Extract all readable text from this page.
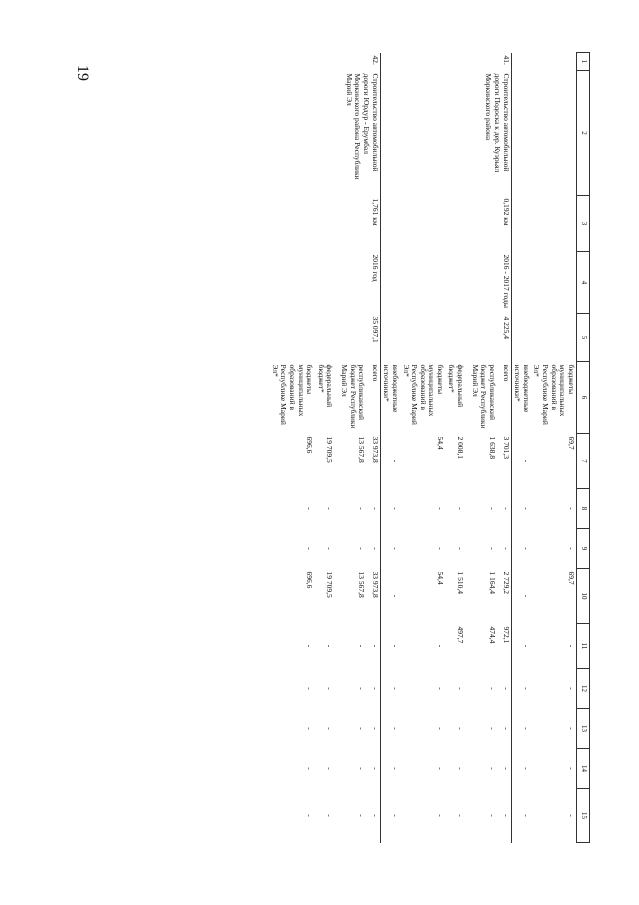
19
1	2	3	4	5	6	7	8	9	10	11	12	13	14	15
					бюджеты муниципальных образований в Республике Марий Эл*	69,7	-	-	69,7	-	-	-	-	-
					внебюджетные источники*	-	-	-	-	-	-	-	-	-
41.	Строительство автомобильной дороги Подоска к дер. Куэрьял Моркинского района	0,192 км	2016 - 2017 годы	4 225,4	всего	3 701,3	-	-	2 729,2	972,1	-	-	-	-
					республиканский бюджет Республики Марий Эл	1 638,8	-	-	1 164,4	474,4	-	-	-	-
					федеральный бюджет*	2 008,1	-	-	1 510,4	497,7	-	-	-	-
					бюджеты муниципальных образований в Республике Марий Эл*	54,4	-	-	54,4	-	-	-	-	-
					внебюджетные источники*	-	-	-	-	-	-	-	-	-
42.	Строительство автомобильной дороги Юрдур - Ерумбал Моркинского района Республики Марий Эл	1,761 км	2016 год	35 097,1	всего	33 973,8	-	-	33 973,8	-	-	-	-	-
					республиканский бюджет Республики Марий Эл	13 567,8	-	-	13 567,8	-	-	-	-	-
					федеральный бюджет*	19 709,5	-	-	19 709,5	-	-	-	-	-
					бюджеты муниципальных образований в Республике Марий Эл*	696,6	-	-	696,6	-	-	-	-	-
